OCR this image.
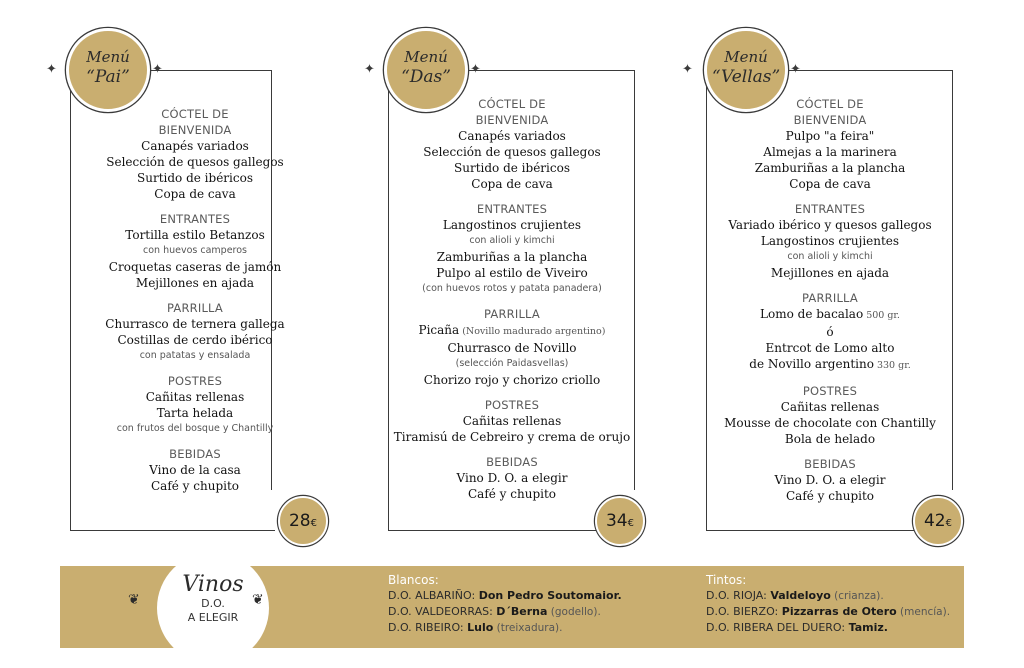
Menú
“Pai”
CÓCTEL DE BIENVENIDA
Canapés variados
Selección de quesos gallegos
Surtido de ibéricos
Copa de cava
ENTRANTES
Tortilla estilo Betanzos
con huevos camperos
Croquetas caseras de jamón
Mejillones en ajada
PARRILLA
Churrasco de ternera gallega
Costillas de cerdo ibérico
con patatas y ensalada
POSTRES
Cañitas rellenas
Tarta helada
con frutos del bosque y Chantilly
BEBIDAS
Vino de la casa
Café y chupito
28€
Menú
“Das”
CÓCTEL DE BIENVENIDA
Canapés variados
Selección de quesos gallegos
Surtido de ibéricos
Copa de cava
ENTRANTES
Langostinos crujientes
con alioli y kimchi
Zamburiñas a la plancha
Pulpo al estilo de Viveiro
(con huevos rotos y patata panadera)
PARRILLA
Picaña (Novillo madurado argentino)
Churrasco de Novillo
(selección Paidasvellas)
Chorizo rojo y chorizo criollo
POSTRES
Cañitas rellenas
Tiramisú de Cebreiro y crema de orujo
BEBIDAS
Vino D. O. a elegir
Café y chupito
34€
Menú
“Vellas”
CÓCTEL DE BIENVENIDA
Pulpo "a feira"
Almejas a la marinera
Zamburiñas a la plancha
Copa de cava
ENTRANTES
Variado ibérico y quesos gallegos
Langostinos crujientes
con alioli y kimchi
Mejillones en ajada
PARRILLA
Lomo de bacalao 500 gr.
ó
Entrcot de Lomo alto
de Novillo argentino 330 gr.
POSTRES
Cañitas rellenas
Mousse de chocolate con Chantilly
Bola de helado
BEBIDAS
Vino D. O. a elegir
Café y chupito
42€
✦	✦	✦
✦	✦	✦
Vinos
D.O.
A ELEGIR
❦	❦
Blancos:
D.O. ALBARIÑO: Don Pedro Soutomaior.
D.O. VALDEORRAS: D´Berna (godello).
D.O. RIBEIRO: Lulo (treixadura).
Tintos:
D.O. RIOJA: Valdeloyo (crianza).
D.O. BIERZO: Pizzarras de Otero (mencía).
D.O. RIBERA DEL DUERO: Tamiz.
